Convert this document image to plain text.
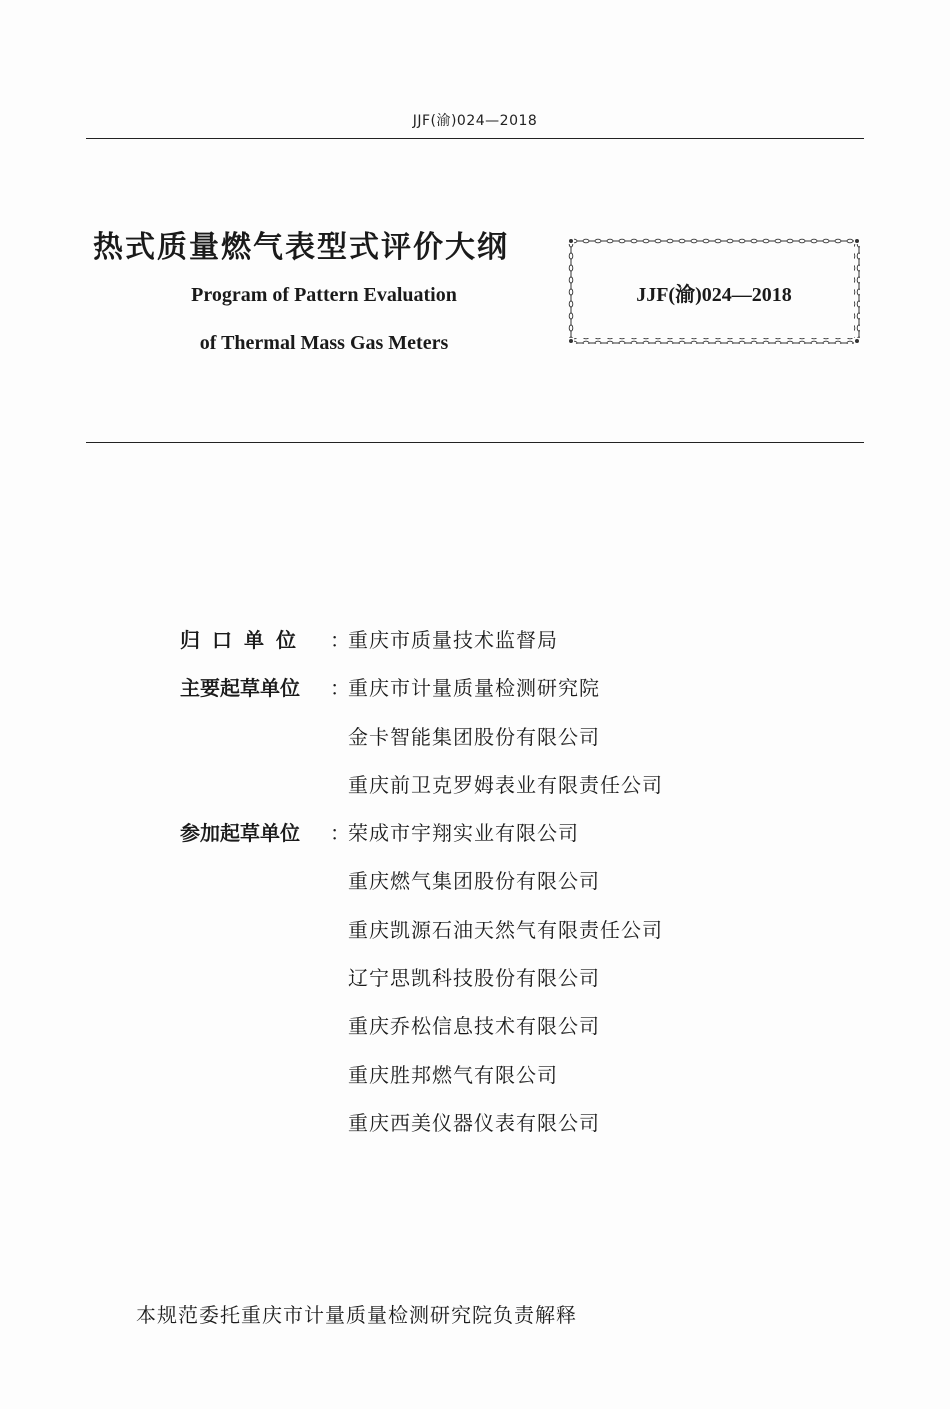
JJF(渝)024—2018
热式质量燃气表型式评价大纲
Program of Pattern Evaluation
of Thermal Mass Gas Meters
JJF(渝)024—2018
归口单位	：
重庆市质量技术监督局
主要起草单位	：
重庆市计量质量检测研究院
金卡智能集团股份有限公司
重庆前卫克罗姆表业有限责任公司
参加起草单位	：
荣成市宇翔实业有限公司
重庆燃气集团股份有限公司
重庆凯源石油天然气有限责任公司
辽宁思凯科技股份有限公司
重庆乔松信息技术有限公司
重庆胜邦燃气有限公司
重庆西美仪器仪表有限公司
本规范委托重庆市计量质量检测研究院负责解释
